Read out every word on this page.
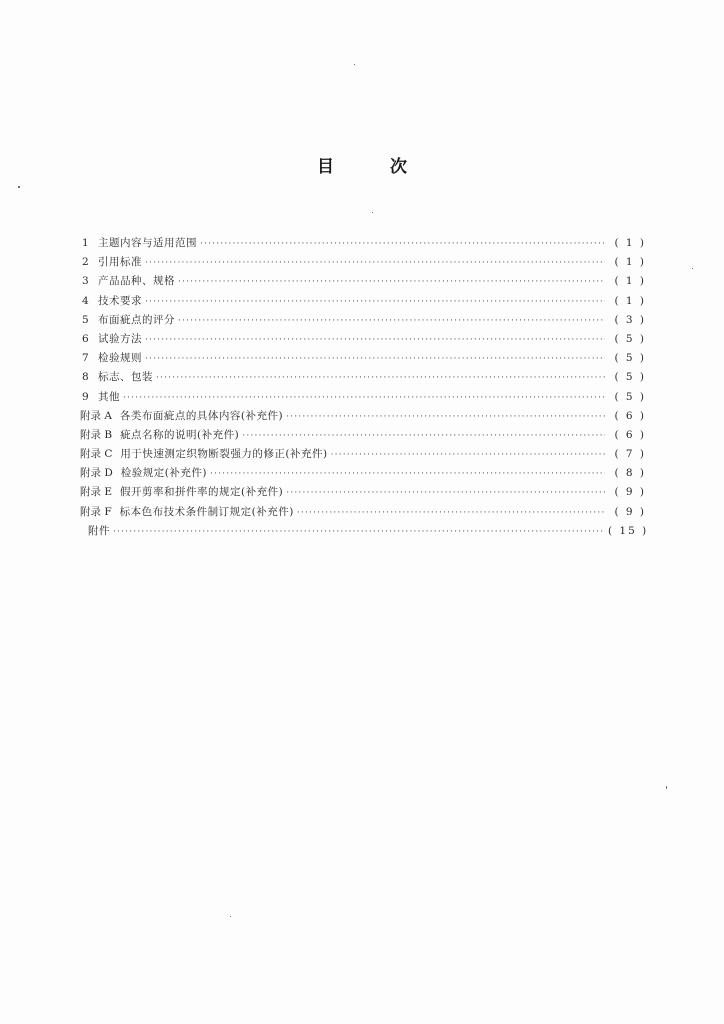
目	次
1 主题内容与适用范围 ·····	( 1 )
2 引用标准 ·····	( 1 )
3 产品品种、规格 ·····	( 1 )
4 技术要求 ·····	( 1 )
5 布面疵点的评分 ·····	( 3 )
6 试验方法 ·····	( 5 )
7 检验规则 ·····	( 5 )
8 标志、包装 ·····	( 5 )
9 其他 ·····	( 5 )
附录 A 各类布面疵点的具体内容(补充件) ·····	( 6 )
附录 B 疵点名称的说明(补充件) ·····	( 6 )
附录 C 用于快速测定织物断裂强力的修正(补充件) ·····	( 7 )
附录 D 检验规定(补充件) ·····	( 8 )
附录 E 假开剪率和拼件率的规定(补充件) ·····	( 9 )
附录 F 标本色布技术条件制订规定(补充件) ·····	( 9 )
附件 ·····	( 15 )
